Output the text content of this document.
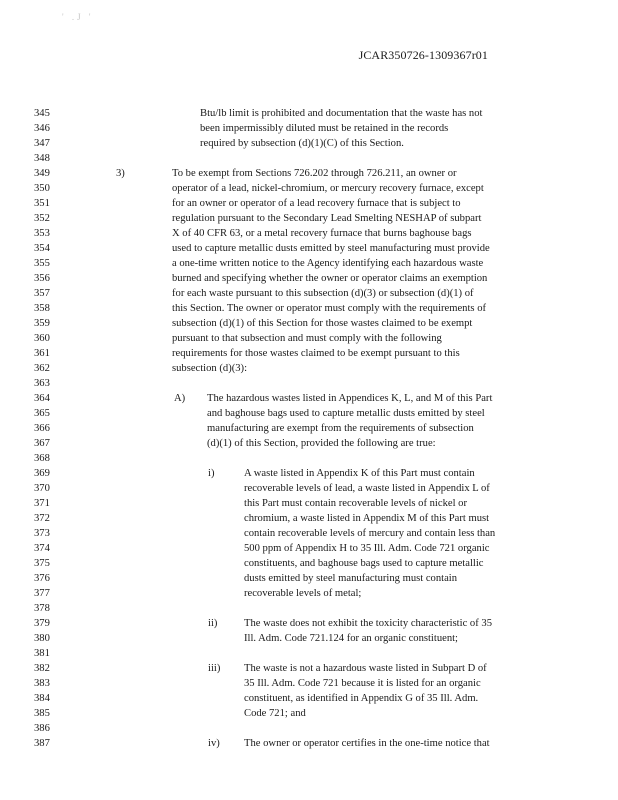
' .J '
JCAR350726-1309367r01
345	Btu/lb limit is prohibited and documentation that the waste has not
346	been impermissibly diluted must be retained in the records
347	required by subsection (d)(1)(C) of this Section.
348
349	3)	To be exempt from Sections 726.202 through 726.211, an owner or
350	operator of a lead, nickel-chromium, or mercury recovery furnace, except
351	for an owner or operator of a lead recovery furnace that is subject to
352	regulation pursuant to the Secondary Lead Smelting NESHAP of subpart
353	X of 40 CFR 63, or a metal recovery furnace that burns baghouse bags
354	used to capture metallic dusts emitted by steel manufacturing must provide
355	a one-time written notice to the Agency identifying each hazardous waste
356	burned and specifying whether the owner or operator claims an exemption
357	for each waste pursuant to this subsection (d)(3) or subsection (d)(1) of
358	this Section. The owner or operator must comply with the requirements of
359	subsection (d)(1) of this Section for those wastes claimed to be exempt
360	pursuant to that subsection and must comply with the following
361	requirements for those wastes claimed to be exempt pursuant to this
362	subsection (d)(3):
363
364	A) The hazardous wastes listed in Appendices K, L, and M of this Part
365	and baghouse bags used to capture metallic dusts emitted by steel
366	manufacturing are exempt from the requirements of subsection
367	(d)(1) of this Section, provided the following are true:
368
369	i)	A waste listed in Appendix K of this Part must contain
370	recoverable levels of lead, a waste listed in Appendix L of
371	this Part must contain recoverable levels of nickel or
372	chromium, a waste listed in Appendix M of this Part must
373	contain recoverable levels of mercury and contain less than
374	500 ppm of Appendix H to 35 Ill. Adm. Code 721 organic
375	constituents, and baghouse bags used to capture metallic
376	dusts emitted by steel manufacturing must contain
377	recoverable levels of metal;
378
379	ii)	The waste does not exhibit the toxicity characteristic of 35
380	Ill. Adm. Code 721.124 for an organic constituent;
381
382	iii) The waste is not a hazardous waste listed in Subpart D of
383	35 Ill. Adm. Code 721 because it is listed for an organic
384	constituent, as identified in Appendix G of 35 Ill. Adm.
385	Code 721; and
386
387	iv) The owner or operator certifies in the one-time notice that
